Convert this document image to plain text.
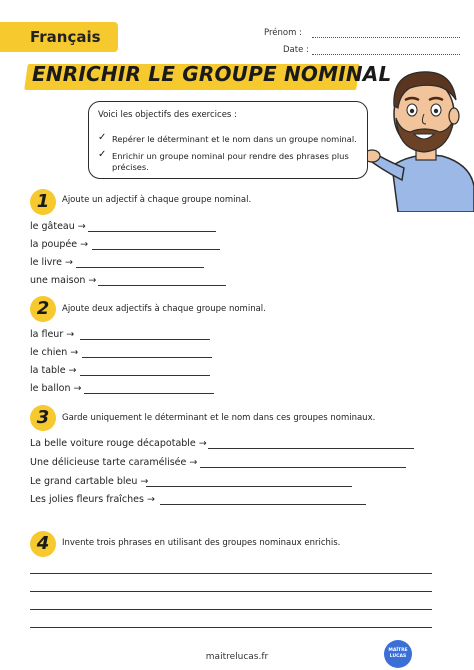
Français	Prénom :
Date :
ENRICHIR LE GROUPE NOMINAL
Voici les objectifs des exercices :
✓ Repérer le déterminant et le nom dans un groupe nominal.
✓ Enrichir un groupe nominal pour rendre des phrases plus
précises.
1	Ajoute un adjectif à chaque groupe nominal.
le gâteau →
la poupée →
le livre →
une maison →
2	Ajoute deux adjectifs à chaque groupe nominal.
la fleur →
le chien →
la table →
le ballon →
3	Garde uniquement le déterminant et le nom dans ces groupes nominaux.
La belle voiture rouge décapotable →
Une délicieuse tarte caramélisée →
Le grand cartable bleu →
Les jolies fleurs fraîches →
4	Invente trois phrases en utilisant des groupes nominaux enrichis.
maitrelucas.fr
MAÎTRE
LUCAS
